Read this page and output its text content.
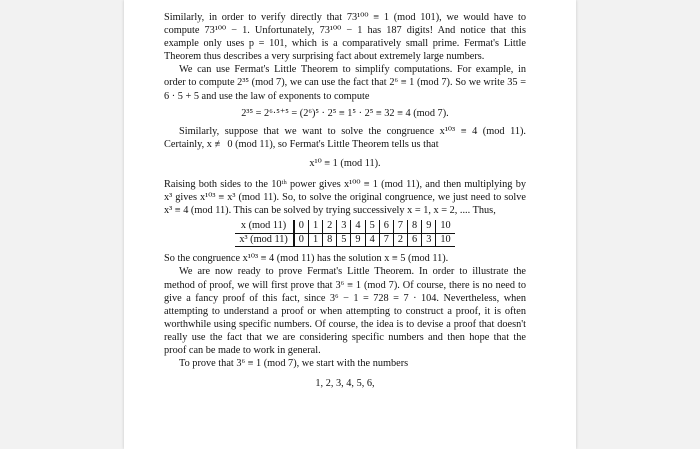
Similarly, in order to verify directly that 73¹⁰⁰ ≡ 1 (mod 101), we would have to compute 73¹⁰⁰ − 1. Unfortunately, 73¹⁰⁰ − 1 has 187 digits! And notice that this example only uses p = 101, which is a comparatively small prime. Fermat's Little Theorem thus describes a very surprising fact about extremely large numbers.

We can use Fermat's Little Theorem to simplify computations. For example, in order to compute 2³⁵ (mod 7), we can use the fact that 2⁶ ≡ 1 (mod 7). So we write 35 = 6 · 5 + 5 and use the law of exponents to compute

2³⁵ = 2⁶·⁵⁺⁵ = (2⁶)⁵ · 2⁵ ≡ 1⁵ · 2⁵ ≡ 32 ≡ 4 (mod 7).

Similarly, suppose that we want to solve the congruence x¹⁰³ ≡ 4 (mod 11). Certainly, x ≢ 0 (mod 11), so Fermat's Little Theorem tells us that

x¹⁰ ≡ 1 (mod 11).

Raising both sides to the 10ᵗʰ power gives x¹⁰⁰ ≡ 1 (mod 11), and then multiplying by x³ gives x¹⁰³ ≡ x³ (mod 11). So, to solve the original congruence, we just need to solve x³ ≡ 4 (mod 11). This can be solved by trying successively x = 1, x = 2, .... Thus,

x (mod 11)	0	1	2	3	4	5	6	7	8	9	10
x³ (mod 11)	0	1	8	5	9	4	7	2	6	3	10

So the congruence x¹⁰³ ≡ 4 (mod 11) has the solution x ≡ 5 (mod 11).

We are now ready to prove Fermat's Little Theorem. In order to illustrate the method of proof, we will first prove that 3⁶ ≡ 1 (mod 7). Of course, there is no need to give a fancy proof of this fact, since 3⁶ − 1 = 728 = 7 · 104. Nevertheless, when attempting to understand a proof or when attempting to construct a proof, it is often worthwhile using specific numbers. Of course, the idea is to devise a proof that doesn't really use the fact that we are considering specific numbers and then hope that the proof can be made to work in general.

To prove that 3⁶ ≡ 1 (mod 7), we start with the numbers

1, 2, 3, 4, 5, 6,
